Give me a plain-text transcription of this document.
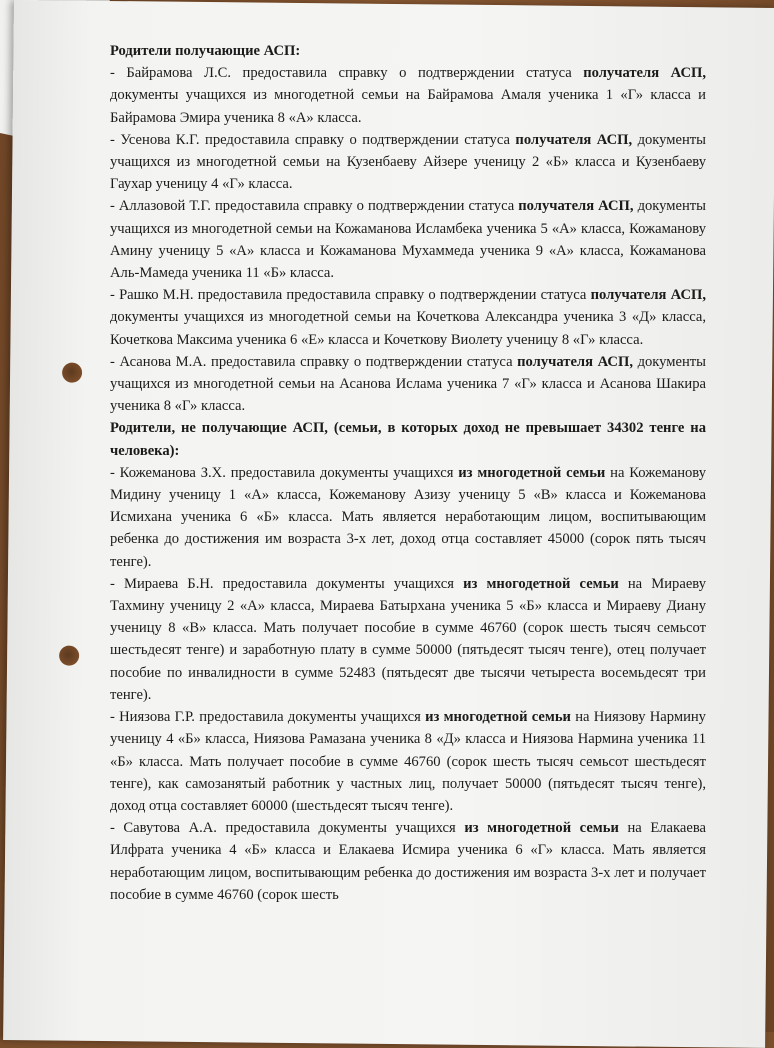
Родители получающие АСП:

- Байрамова Л.С. предоставила справку о подтверждении статуса получателя АСП, документы учащихся из многодетной семьи на Байрамова Амаля ученика 1 «Г» класса и Байрамова Эмира ученика 8 «А» класса.

- Усенова К.Г. предоставила справку о подтверждении статуса получателя АСП, документы учащихся из многодетной семьи на Кузенбаеву Айзере ученицу 2 «Б» класса и Кузенбаеву Гаухар ученицу 4 «Г» класса.

- Аллазовой Т.Г. предоставила справку о подтверждении статуса получателя АСП, документы учащихся из многодетной семьи на Кожаманова Исламбека ученика 5 «А» класса, Кожаманову Амину ученицу 5 «А» класса и Кожаманова Мухаммеда ученика 9 «А» класса, Кожаманова Аль-Мамеда ученика 11 «Б» класса.

- Рашко М.Н. предоставила предоставила справку о подтверждении статуса получателя АСП, документы учащихся из многодетной семьи на Кочеткова Александра ученика 3 «Д» класса, Кочеткова Максима ученика 6 «Е» класса и Кочеткову Виолету ученицу 8 «Г» класса.

- Асанова М.А. предоставила справку о подтверждении статуса получателя АСП, документы учащихся из многодетной семьи на Асанова Ислама ученика 7 «Г» класса и Асанова Шакира ученика 8 «Г» класса.

Родители, не получающие АСП, (семьи, в которых доход не превышает 34302 тенге на человека):

- Кожеманова З.Х. предоставила документы учащихся из многодетной семьи на Кожеманову Мидину ученицу 1 «А» класса, Кожеманову Азизу ученицу 5 «В» класса и Кожеманова Исмихана ученика 6 «Б» класса. Мать является неработающим лицом, воспитывающим ребенка до достижения им возраста 3-х лет, доход отца составляет 45000 (сорок пять тысяч тенге).

- Мираева Б.Н. предоставила документы учащихся из многодетной семьи на Мираеву Тахмину ученицу 2 «А» класса, Мираева Батырхана ученика 5 «Б» класса и Мираеву Диану ученицу 8 «В» класса. Мать получает пособие в сумме 46760 (сорок шесть тысяч семьсот шестьдесят тенге) и заработную плату в сумме 50000 (пятьдесят тысяч тенге), отец получает пособие по инвалидности в сумме 52483 (пятьдесят две тысячи четыреста восемьдесят три тенге).

- Ниязова Г.Р. предоставила документы учащихся из многодетной семьи на Ниязову Нармину ученицу 4 «Б» класса, Ниязова Рамазана ученика 8 «Д» класса и Ниязова Нармина ученика 11 «Б» класса. Мать получает пособие в сумме 46760 (сорок шесть тысяч семьсот шестьдесят тенге), как самозанятый работник у частных лиц, получает 50000 (пятьдесят тысяч тенге), доход отца составляет 60000 (шестьдесят тысяч тенге).

- Савутова А.А. предоставила документы учащихся из многодетной семьи на Елакаева Илфрата ученика 4 «Б» класса и Елакаева Исмира ученика 6 «Г» класса. Мать является неработающим лицом, воспитывающим ребенка до достижения им возраста 3-х лет и получает пособие в сумме 46760 (сорок шесть
